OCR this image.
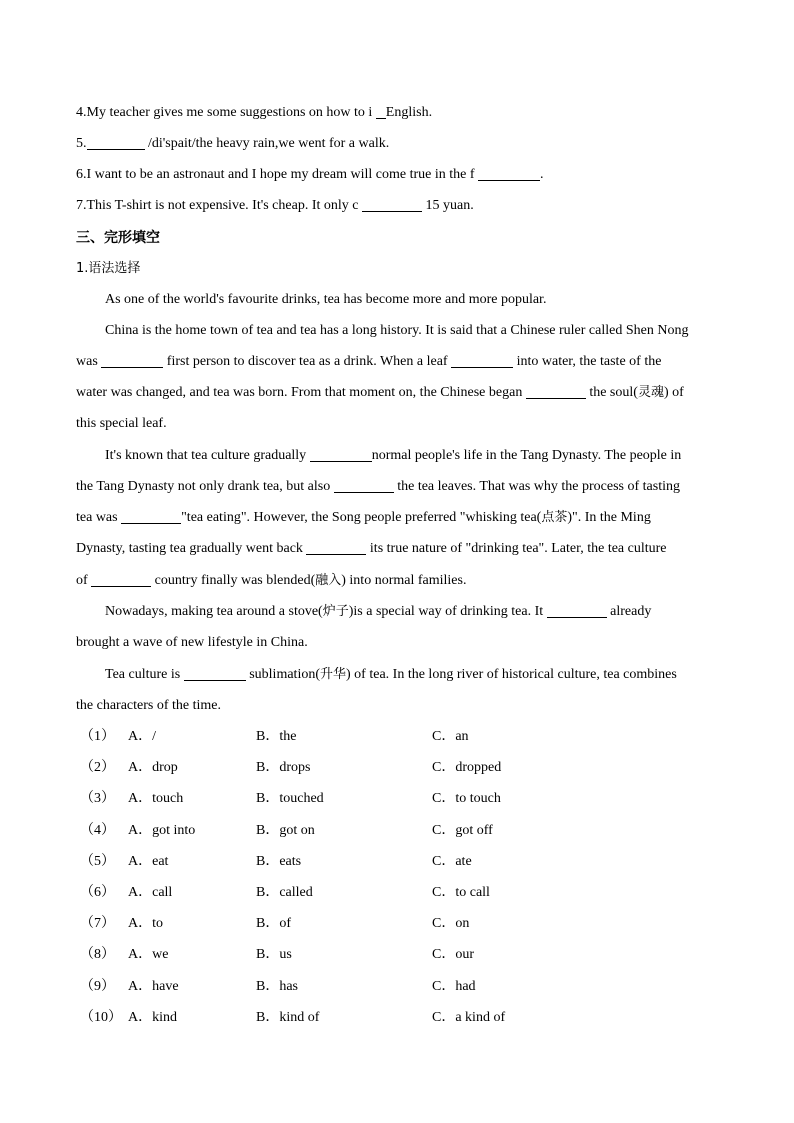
4.My teacher gives me some suggestions on how to i English.
5.	/di'spait/the heavy rain,we went for a walk.
6.I want to be an astronaut and I hope my dream will come true in the f	.
7.This T-shirt is not expensive. It's cheap. It only c	15 yuan.
三、完形填空
1.语法选择
As one of the world's favourite drinks, tea has become more and more popular.
China is the home town of tea and tea has a long history. It is said that a Chinese ruler called Shen Nong
was	first person to discover tea as a drink. When a leaf	into water, the taste of the
water was changed, and tea was born. From that moment on, the Chinese began	the soul(灵魂) of
this special leaf.
It's known that tea culture gradually	normal people's life in the Tang Dynasty. The people in
the Tang Dynasty not only drank tea, but also	the tea leaves. That was why the process of tasting
tea was	"tea eating". However, the Song people preferred "whisking tea(点茶)". In the Ming
Dynasty, tasting tea gradually went back	its true nature of "drinking tea". Later, the tea culture
of	country finally was blended(融入) into normal families.
Nowadays, making tea around a stove(炉子)is a special way of drinking tea. It	already
brought a wave of new lifestyle in China.
Tea culture is	sublimation(升华) of tea. In the long river of historical culture, tea combines
the characters of the time.
（1） A．/	B．the	C．an
（2） A．drop	B．drops	C．dropped
（3） A．touch	B．touched	C．to touch
（4） A．got into	B．got on	C．got off
（5） A．eat	B．eats	C．ate
（6） A．call	B．called	C．to call
（7） A．to	B．of	C．on
（8） A．we	B．us	C．our
（9） A．have	B．has	C．had
（10） A．kind	B．kind of	C．a kind of
